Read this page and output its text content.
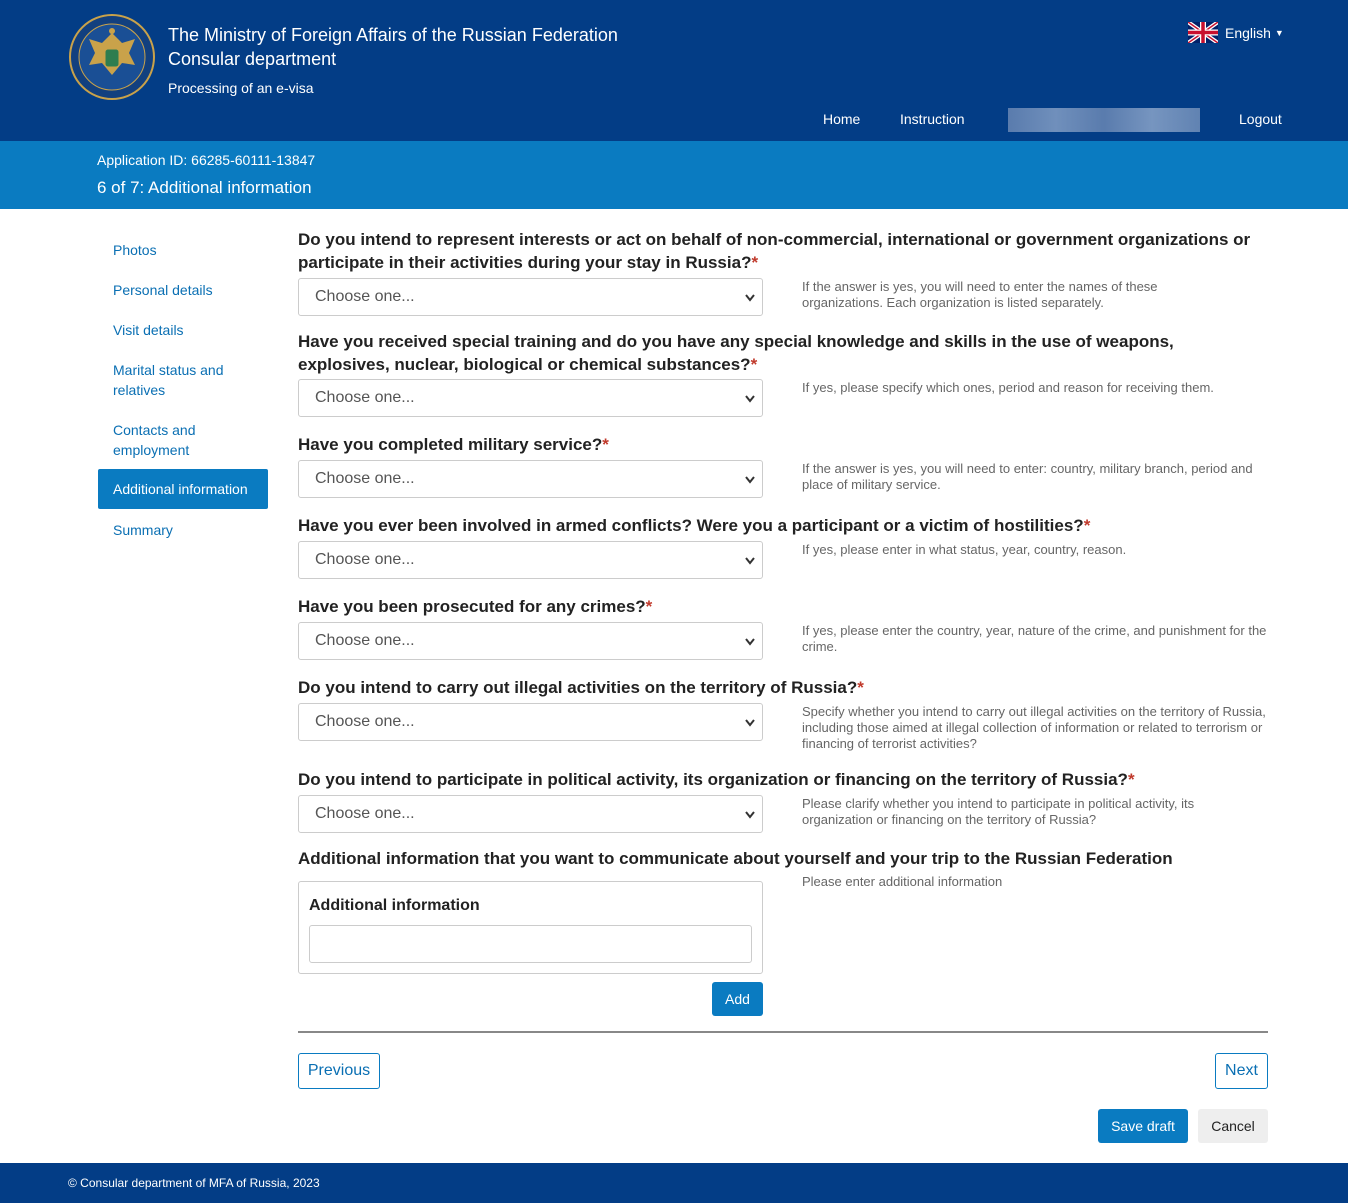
The Ministry of Foreign Affairs of the Russian Federation
Consular department
Processing of an e-visa
English ▼
Home	Instruction	Logout
Application ID: 66285-60111-13847
6 of 7: Additional information
Photos
Personal details
Visit details
Marital status and relatives
Contacts and employment
Additional information
Summary
Do you intend to represent interests or act on behalf of non-commercial, international or government organizations or participate in their activities during your stay in Russia?*
Choose one...
If the answer is yes, you will need to enter the names of these organizations. Each organization is listed separately.
Have you received special training and do you have any special knowledge and skills in the use of weapons, explosives, nuclear, biological or chemical substances?*
Choose one...
If yes, please specify which ones, period and reason for receiving them.
Have you completed military service?*
Choose one...
If the answer is yes, you will need to enter: country, military branch, period and place of military service.
Have you ever been involved in armed conflicts? Were you a participant or a victim of hostilities?*
Choose one...
If yes, please enter in what status, year, country, reason.
Have you been prosecuted for any crimes?*
Choose one...
If yes, please enter the country, year, nature of the crime, and punishment for the crime.
Do you intend to carry out illegal activities on the territory of Russia?*
Choose one...
Specify whether you intend to carry out illegal activities on the territory of Russia, including those aimed at illegal collection of information or related to terrorism or financing of terrorist activities?
Do you intend to participate in political activity, its organization or financing on the territory of Russia?*
Choose one...
Please clarify whether you intend to participate in political activity, its organization or financing on the territory of Russia?
Additional information that you want to communicate about yourself and your trip to the Russian Federation
Please enter additional information
Additional information
Add
Previous	Next
Save draft	Cancel
© Consular department of MFA of Russia, 2023
